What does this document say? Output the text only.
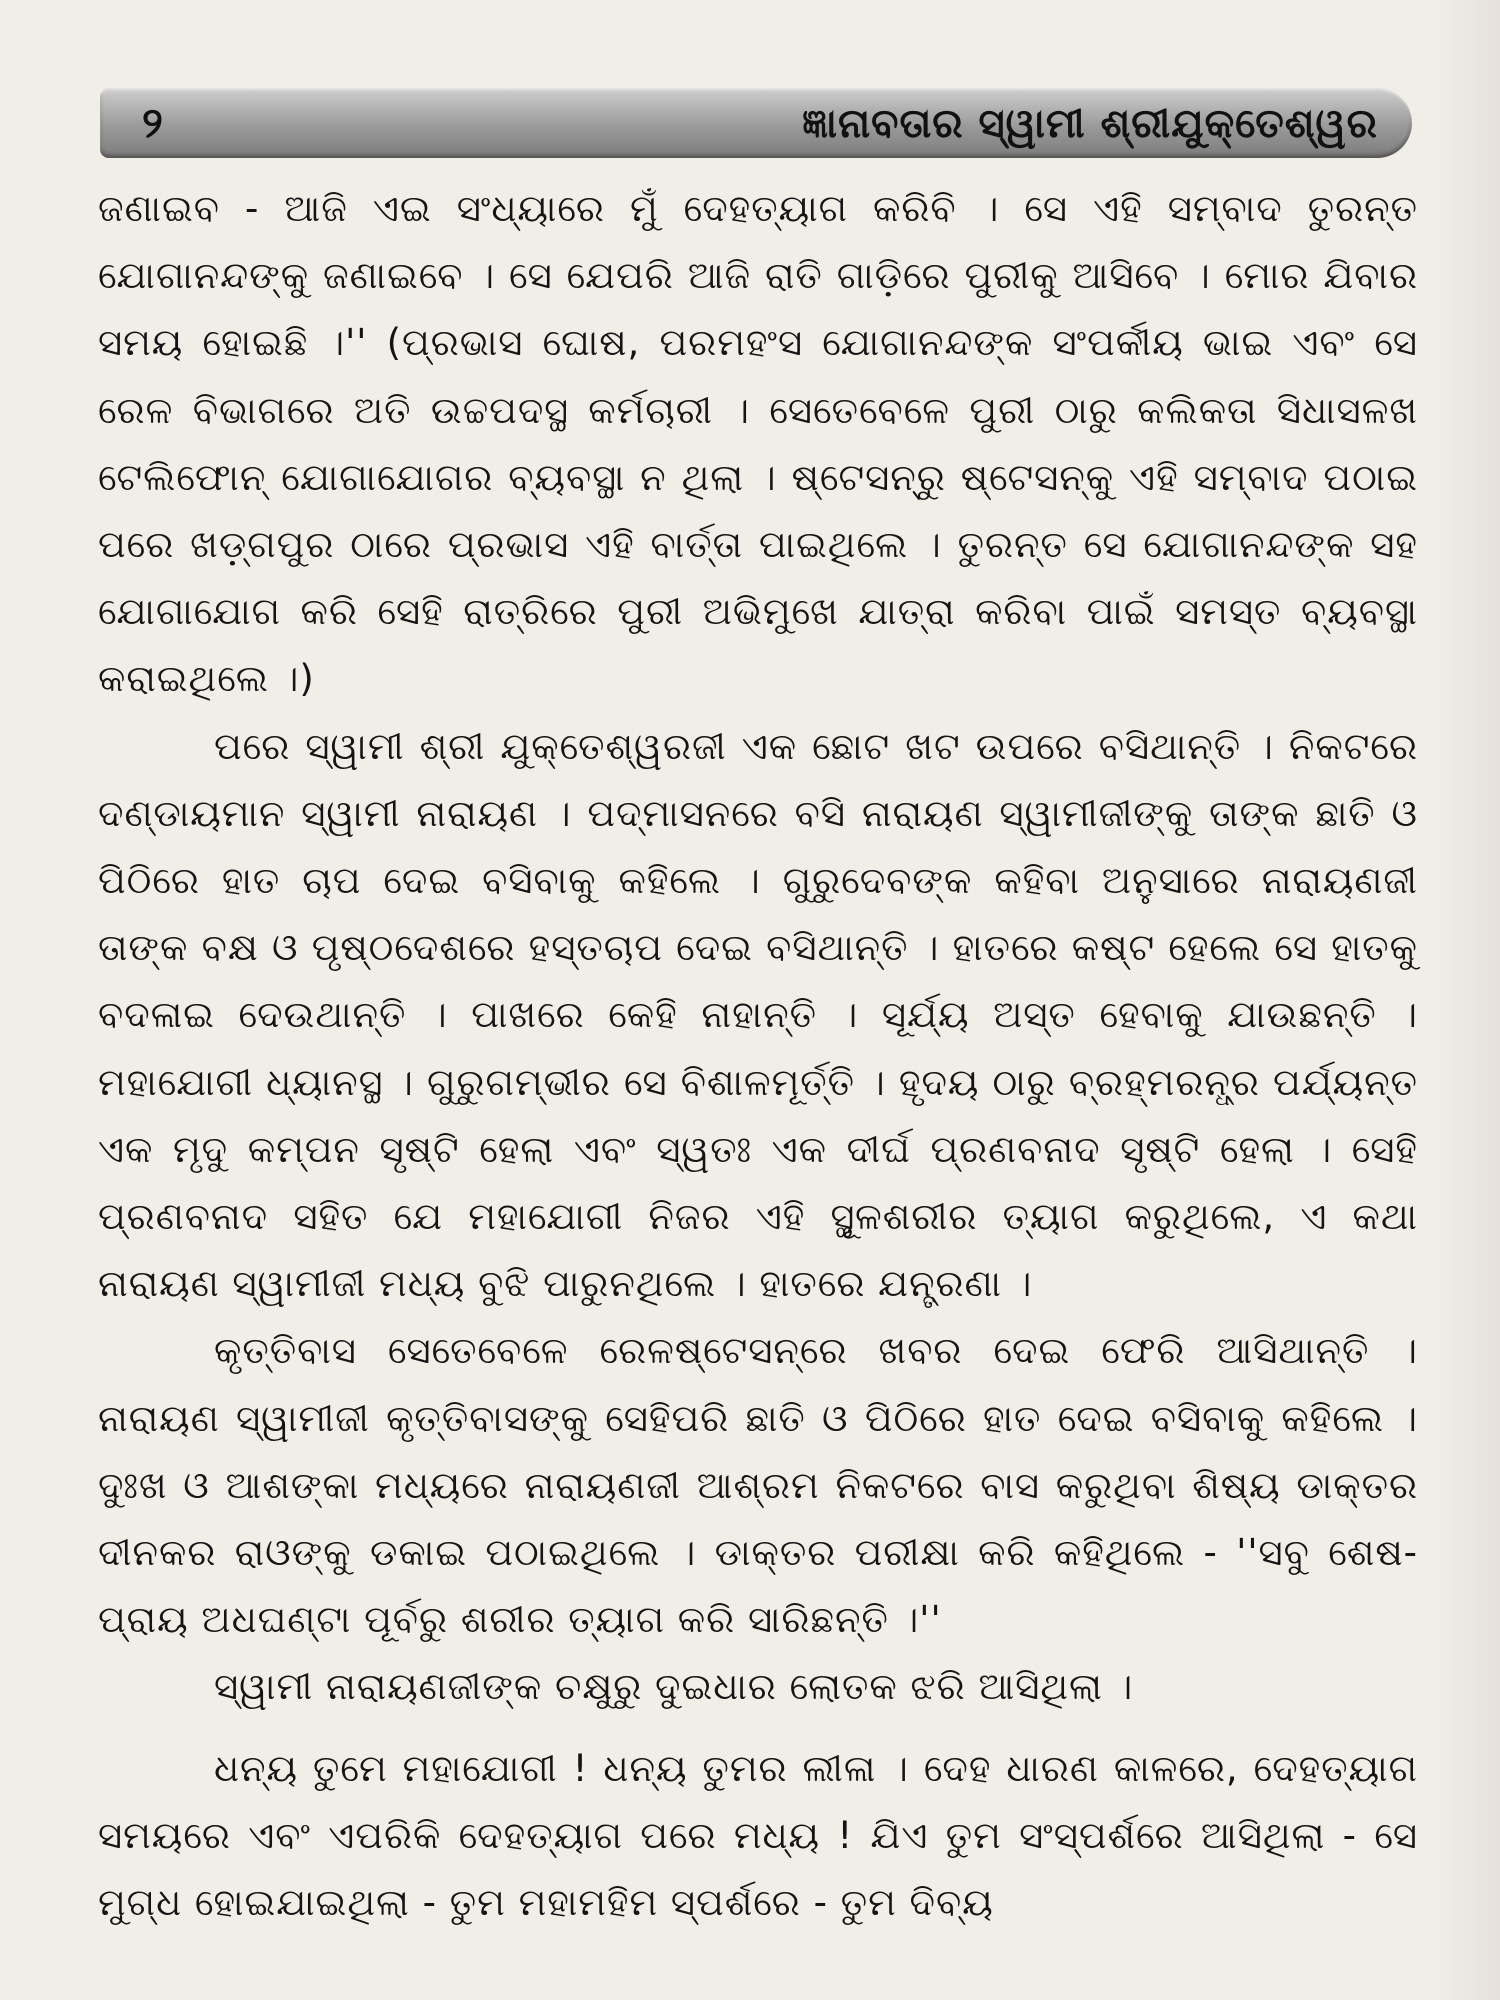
୨	ଜ୍ଞାନାବତାର ସ୍ୱାମୀ ଶ୍ରୀଯୁକ୍ତେଶ୍ୱର

ଜଣାଇବ - ଆଜି ଏଇ ସଂଧ୍ୟାରେ ମୁଁ ଦେହତ୍ୟାଗ କରିବି । ସେ ଏହି ସମ୍ବାଦ ତୁରନ୍ତ ଯୋଗାନନ୍ଦଙ୍କୁ ଜଣାଇବେ । ସେ ଯେପରି ଆଜି ରାତି ଗାଡ଼ିରେ ପୁରୀକୁ ଆସିବେ । ମୋର ଯିବାର ସମୟ ହୋଇଛି ।'' (ପ୍ରଭାସ ଘୋଷ, ପରମହଂସ ଯୋଗାନନ୍ଦଙ୍କ ସଂପର୍କୀୟ ଭାଇ ଏବଂ ସେ ରେଳ ବିଭାଗରେ ଅତି ଉଚ୍ଚପଦସ୍ଥ କର୍ମଚାରୀ । ସେତେବେଳେ ପୁରୀ ଠାରୁ କଲିକତା ସିଧାସଳଖ ଟେଲିଫୋନ୍ ଯୋଗାଯୋଗର ବ୍ୟବସ୍ଥା ନ ଥିଲା । ଷ୍ଟେସନ୍‌ରୁ ଷ୍ଟେସନ୍‌କୁ ଏହି ସମ୍ବାଦ ପଠାଇ ପରେ ଖଡ଼୍‌ଗପୁର ଠାରେ ପ୍ରଭାସ ଏହି ବାର୍ତ୍ତା ପାଇଥିଲେ । ତୁରନ୍ତ ସେ ଯୋଗାନନ୍ଦଙ୍କ ସହ ଯୋଗାଯୋଗ କରି ସେହି ରାତ୍ରିରେ ପୁରୀ ଅଭିମୁଖେ ଯାତ୍ରା କରିବା ପାଇଁ ସମସ୍ତ ବ୍ୟବସ୍ଥା କରାଇଥିଲେ ।)

ପରେ ସ୍ୱାମୀ ଶ୍ରୀ ଯୁକ୍ତେଶ୍ୱରଜୀ ଏକ ଛୋଟ ଖଟ ଉପରେ ବସିଥାନ୍ତି । ନିକଟରେ ଦଣ୍ଡାୟମାନ ସ୍ୱାମୀ ନାରାୟଣ । ପଦ୍ମାସନରେ ବସି ନାରାୟଣ ସ୍ୱାମୀଜୀଙ୍କୁ ତାଙ୍କ ଛାତି ଓ ପିଠିରେ ହାତ ଚାପ ଦେଇ ବସିବାକୁ କହିଲେ । ଗୁରୁଦେବଙ୍କ କହିବା ଅନୁସାରେ ନାରାୟଣଜୀ ତାଙ୍କ ବକ୍ଷ ଓ ପୃଷ୍ଠଦେଶରେ ହସ୍ତଚାପ ଦେଇ ବସିଥାନ୍ତି । ହାତରେ କଷ୍ଟ ହେଲେ ସେ ହାତକୁ ବଦଳାଇ ଦେଉଥାନ୍ତି । ପାଖରେ କେହି ନାହାନ୍ତି । ସୂର୍ଯ୍ୟ ଅସ୍ତ ହେବାକୁ ଯାଉଛନ୍ତି । ମହାଯୋଗୀ ଧ୍ୟାନସ୍ଥ । ଗୁରୁଗମ୍ଭୀର ସେ ବିଶାଳମୂର୍ତ୍ତି । ହୃଦୟ ଠାରୁ ବ୍ରହ୍ମରନ୍ଧ୍ର ପର୍ଯ୍ୟନ୍ତ ଏକ ମୃଦୁ କମ୍ପନ ସୃଷ୍ଟି ହେଲା ଏବଂ ସ୍ୱତଃ ଏକ ଦୀର୍ଘ ପ୍ରଣବନାଦ ସୃଷ୍ଟି ହେଲା । ସେହି ପ୍ରଣବନାଦ ସହିତ ଯେ ମହାଯୋଗୀ ନିଜର ଏହି ସ୍ଥୂଳଶରୀର ତ୍ୟାଗ କରୁଥିଲେ, ଏ କଥା ନାରାୟଣ ସ୍ୱାମୀଜୀ ମଧ୍ୟ ବୁଝି ପାରୁନଥିଲେ । ହାତରେ ଯନ୍ତ୍ରଣା ।

କୃତ୍ତିବାସ ସେତେବେଳେ ରେଳଷ୍ଟେସନ୍‌ରେ ଖବର ଦେଇ ଫେରି ଆସିଥାନ୍ତି । ନାରାୟଣ ସ୍ୱାମୀଜୀ କୃତ୍ତିବାସଙ୍କୁ ସେହିପରି ଛାତି ଓ ପିଠିରେ ହାତ ଦେଇ ବସିବାକୁ କହିଲେ । ଦୁଃଖ ଓ ଆଶଙ୍କା ମଧ୍ୟରେ ନାରାୟଣଜୀ ଆଶ୍ରମ ନିକଟରେ ବାସ କରୁଥିବା ଶିଷ୍ୟ ଡାକ୍ତର ଦୀନକର ରାଓଙ୍କୁ ଡକାଇ ପଠାଇଥିଲେ । ଡାକ୍ତର ପରୀକ୍ଷା କରି କହିଥିଲେ - ''ସବୁ ଶେଷ- ପ୍ରାୟ ଅଧଘଣ୍ଟା ପୂର୍ବରୁ ଶରୀର ତ୍ୟାଗ କରି ସାରିଛନ୍ତି ।''

ସ୍ୱାମୀ ନାରାୟଣଜୀଙ୍କ ଚକ୍ଷୁରୁ ଦୁଇଧାର ଲୋତକ ଝରି ଆସିଥିଲା ।

ଧନ୍ୟ ତୁମେ ମହାଯୋଗୀ ! ଧନ୍ୟ ତୁମର ଲୀଳା । ଦେହ ଧାରଣ କାଳରେ, ଦେହତ୍ୟାଗ ସମୟରେ ଏବଂ ଏପରିକି ଦେହତ୍ୟାଗ ପରେ ମଧ୍ୟ ! ଯିଏ ତୁମ ସଂସ୍ପର୍ଶରେ ଆସିଥିଲା - ସେ ମୁଗ୍ଧ ହୋଇଯାଇଥିଲା - ତୁମ ମହାମହିମ ସ୍ପର୍ଶରେ - ତୁମ ଦିବ୍ୟ
